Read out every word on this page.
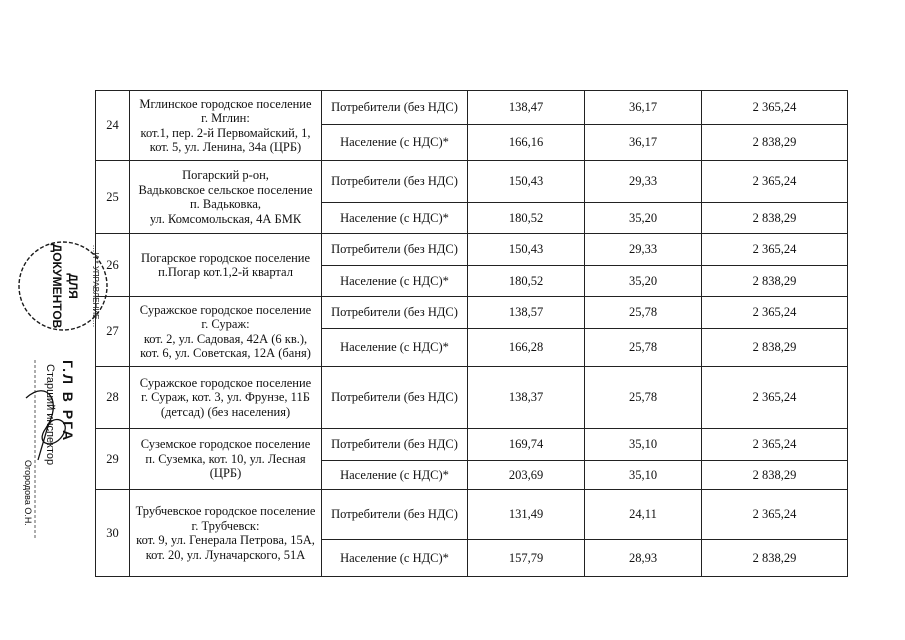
24	Мглинское городское поселение
г. Мглин:
кот.1, пер. 2-й Первомайский, 1,
кот. 5, ул. Ленина, 34а (ЦРБ)	Потребители (без НДС)	138,47	36,17	2 365,24
		Население (с НДС)*	166,16	36,17	2 838,29
25	Погарский р-он,
Вадьковское сельское поселение
п. Вадьковка,
ул. Комсомольская, 4А БМК	Потребители (без НДС)	150,43	29,33	2 365,24
		Население (с НДС)*	180,52	35,20	2 838,29
26	Погарское городское поселение
п.Погар кот.1,2-й квартал	Потребители (без НДС)	150,43	29,33	2 365,24
		Население (с НДС)*	180,52	35,20	2 838,29
27	Суражское городское поселение
г. Сураж:
кот. 2, ул. Садовая, 42А (6 кв.),
кот. 6, ул. Советская, 12А (баня)	Потребители (без НДС)	138,57	25,78	2 365,24
		Население (с НДС)*	166,28	25,78	2 838,29
28	Суражское городское поселение
г. Сураж, кот. 3, ул. Фрунзе, 11Б
(детсад) (без населения)	Потребители (без НДС)	138,37	25,78	2 365,24
29	Суземское городское поселение
п. Суземка, кот. 10, ул. Лесная
(ЦРБ)	Потребители (без НДС)	169,74	35,10	2 365,24
		Население (с НДС)*	203,69	35,10	2 838,29
30	Трубчевское городское поселение
г. Трубчевск:
кот. 9, ул. Генерала Петрова, 15А,
кот. 20, ул. Луначарского, 51А	Потребители (без НДС)	131,49	24,11	2 365,24
		Население (с НДС)*	157,79	28,93	2 838,29
…И * УПРАВЛЕНИЕ…
ДЛЯ
ДОКУМЕНТОВ
Г.Л В РГА
Старший инспектор
Огородова О.Н.
